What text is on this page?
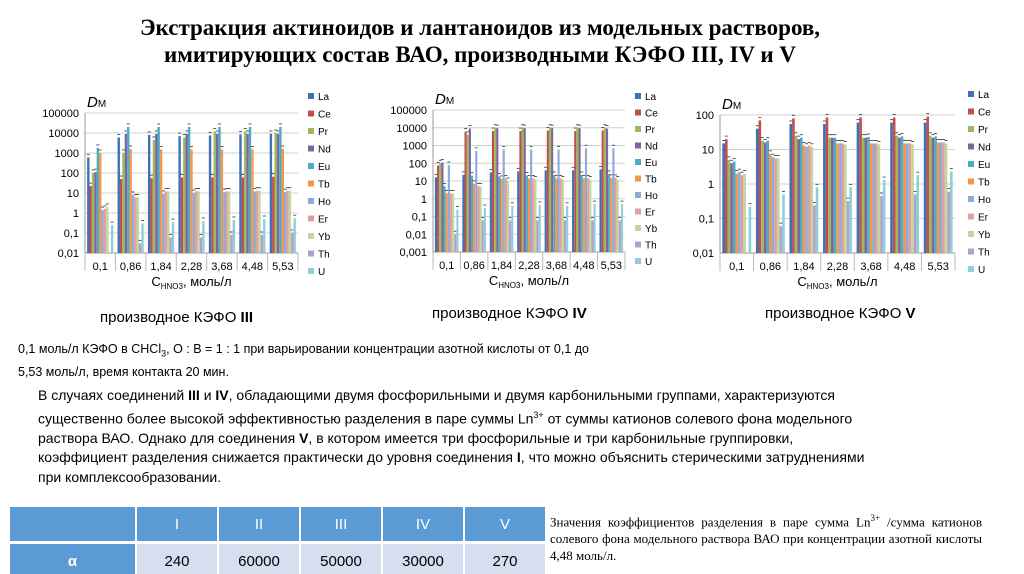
Экстракция актиноидов и лантаноидов из модельных растворов,
имитирующих состав ВАО, производными КЭФО III, IV и V
0,01
0,1
1
10
100
1000
10000
100000
DM
0,1 0,86 1,84 2,28 3,68 4,48 5,53
$C_{HNO3}$, моль/л
La
Ce
Pr
Nd
Eu
Tb
Ho
Er
Yb
Th
U
0,001
0,01
0,1
1
10
100
1000
10000
100000
DM
0,1 0,86 1,84 2,28 3,68 4,48 5,53
$C_{HNO3}$, моль/л
La
Ce
Pr
Nd
Eu
Tb
Ho
Er
Yb
Th
U
0,01
0,1
1
10
100
DM
0,1 0,86 1,84 2,28 3,68 4,48 5,53
$C_{HNO3}$, моль/л
La
Ce
Pr
Nd
Eu
Tb
Ho
Er
Yb
Th
U
производное КЭФО III	производное КЭФО IV	производное КЭФО V
0,1 моль/л КЭФО в CHCl$_3$, О : В = 1 : 1 при варьировании концентрации азотной кислоты от 0,1 до
5,53 моль/л, время контакта 20 мин.
В случаях соединений III и IV, обладающими двумя фосфорильными и двумя карбонильными группами, характеризуются существенно более высокой эффективностью разделения в паре суммы $Ln^{3+}$ от суммы катионов солевого фона модельного раствора ВАО. Однако для соединения V, в котором имеется три фосфорильные и три карбонильные группировки, коэффициент разделения снижается практически до уровня соединения I, что можно объяснить стерическими затруднениями при комплексообразовании.
	I	II	III	IV	V
α	240	60000	50000	30000	270
Значения коэффициентов разделения в паре сумма $Ln^{3+}$ /сумма катионов солевого фона модельного раствора ВАО при концентрации азотной кислоты 4,48 моль/л.
